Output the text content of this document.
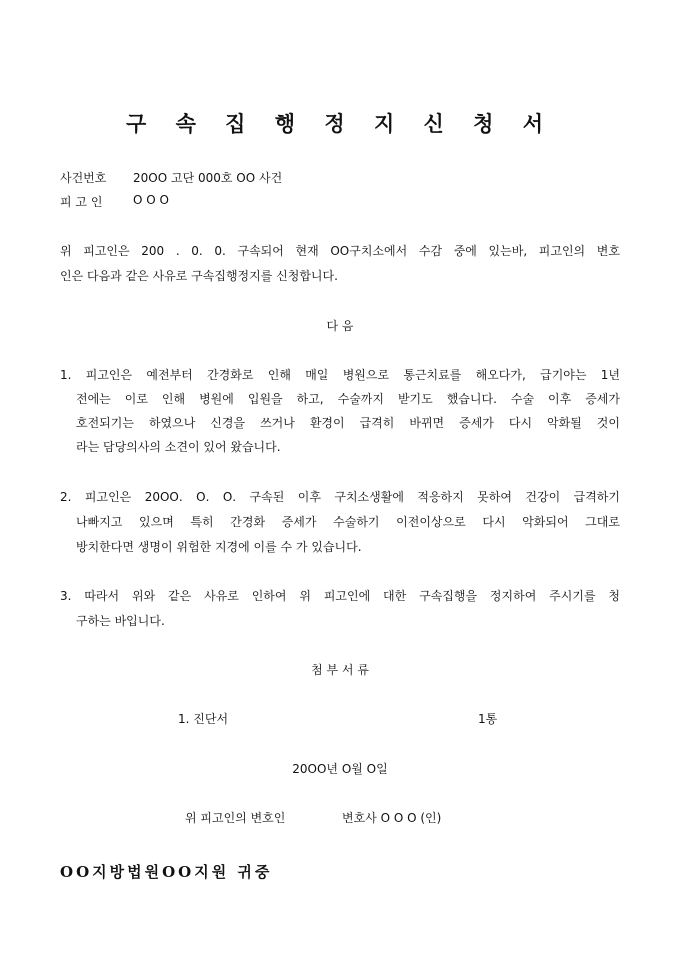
구 속 집 행 정 지 신 청 서
사건번호 20ОО 고단 000호 ОО 사건
피 고 인	О О О
위 피고인은 200 . 0. 0. 구속되어 현재 OO구치소에서 수감 중에 있는바, 피고인의 변호
인은 다음과 같은 사유로 구속집행정지를 신청합니다.
다 음
1. 피고인은 예전부터 간경화로 인해 매일 병원으로 통근치료를 해오다가, 급기야는 1년
전에는 이로 인해 병원에 입원을 하고, 수술까지 받기도 했습니다. 수술 이후 증세가
호전되기는 하였으나 신경을 쓰거나 환경이 급격히 바뀌면 증세가 다시 악화될 것이
라는 담당의사의 소견이 있어 왔습니다.
2. 피고인은 20ОО. О. О. 구속된 이후 구치소생활에 적응하지 못하여 건강이 급격하기
나빠지고 있으며 특히 간경화 증세가 수술하기 이전이상으로 다시 악화되어 그대로
방치한다면 생명이 위험한 지경에 이를 수 가 있습니다.
3. 따라서 위와 같은 사유로 인하여 위 피고인에 대한 구속집행을 정지하여 주시기를 청
구하는 바입니다.
첨 부 서 류
1. 진단서	1통
20ОО년 О월 О일
위 피고인의 변호인	변호사 О О О (인)
ОО지방법원ОО지원 귀중
